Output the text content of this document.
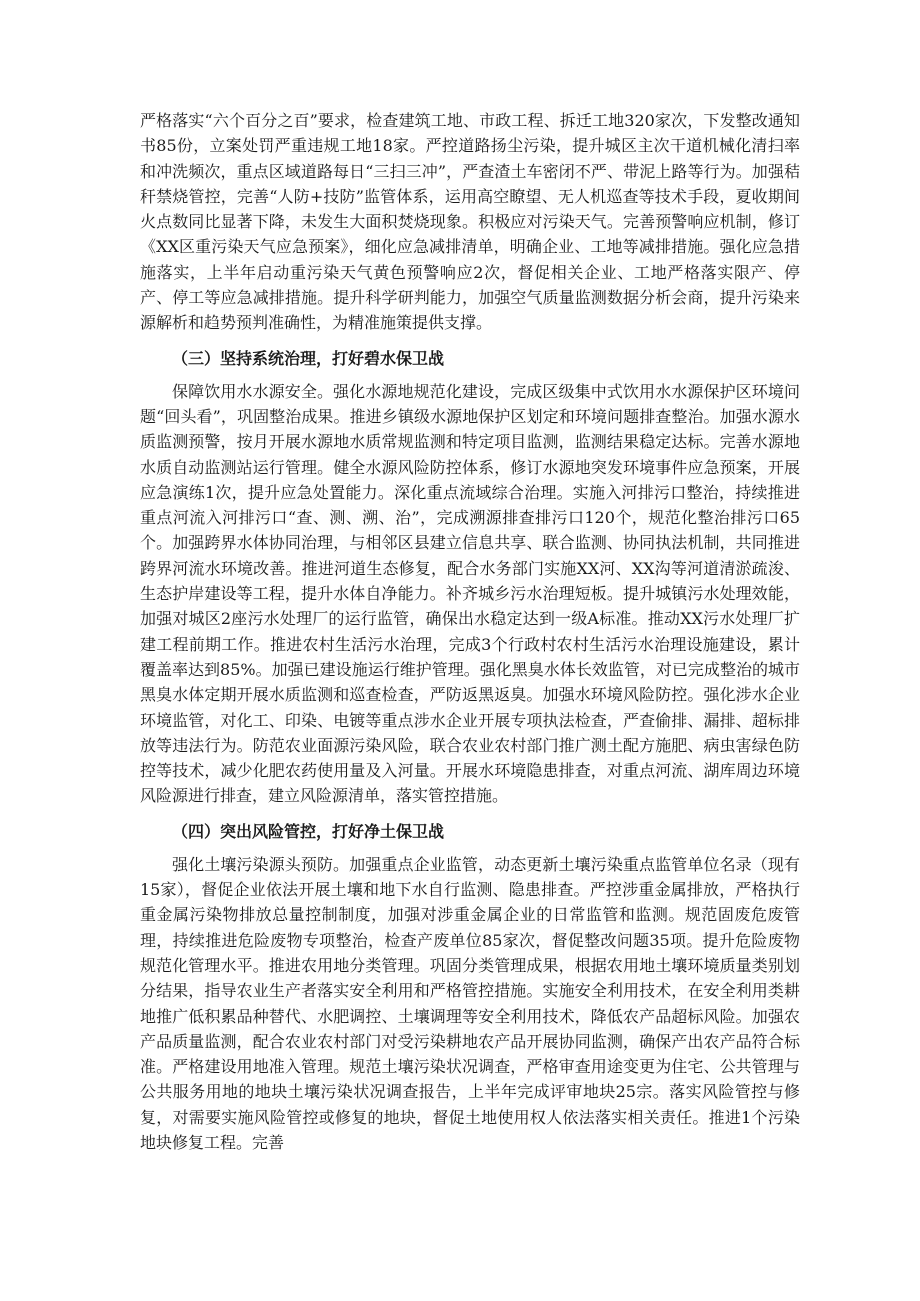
严格落实“六个百分之百”要求，检查建筑工地、市政工程、拆迁工地320家次，下发整改通知书85份，立案处罚严重违规工地18家。严控道路扬尘污染，提升城区主次干道机械化清扫率和冲洗频次，重点区域道路每日“三扫三冲”，严查渣土车密闭不严、带泥上路等行为。加强秸秆禁烧管控，完善“人防+技防”监管体系，运用高空瞭望、无人机巡查等技术手段，夏收期间火点数同比显著下降，未发生大面积焚烧现象。积极应对污染天气。完善预警响应机制，修订《XX区重污染天气应急预案》，细化应急减排清单，明确企业、工地等减排措施。强化应急措施落实，上半年启动重污染天气黄色预警响应2次，督促相关企业、工地严格落实限产、停产、停工等应急减排措施。提升科学研判能力，加强空气质量监测数据分析会商，提升污染来源解析和趋势预判准确性，为精准施策提供支撑。

（三）坚持系统治理，打好碧水保卫战

保障饮用水水源安全。强化水源地规范化建设，完成区级集中式饮用水水源保护区环境问题“回头看”，巩固整治成果。推进乡镇级水源地保护区划定和环境问题排查整治。加强水源水质监测预警，按月开展水源地水质常规监测和特定项目监测，监测结果稳定达标。完善水源地水质自动监测站运行管理。健全水源风险防控体系，修订水源地突发环境事件应急预案，开展应急演练1次，提升应急处置能力。深化重点流域综合治理。实施入河排污口整治，持续推进重点河流入河排污口“查、测、溯、治”，完成溯源排查排污口120个，规范化整治排污口65个。加强跨界水体协同治理，与相邻区县建立信息共享、联合监测、协同执法机制，共同推进跨界河流水环境改善。推进河道生态修复，配合水务部门实施XX河、XX沟等河道清淤疏浚、生态护岸建设等工程，提升水体自净能力。补齐城乡污水治理短板。提升城镇污水处理效能，加强对城区2座污水处理厂的运行监管，确保出水稳定达到一级A标准。推动XX污水处理厂扩建工程前期工作。推进农村生活污水治理，完成3个行政村农村生活污水治理设施建设，累计覆盖率达到85%。加强已建设施运行维护管理。强化黑臭水体长效监管，对已完成整治的城市黑臭水体定期开展水质监测和巡查检查，严防返黑返臭。加强水环境风险防控。强化涉水企业环境监管，对化工、印染、电镀等重点涉水企业开展专项执法检查，严查偷排、漏排、超标排放等违法行为。防范农业面源污染风险，联合农业农村部门推广测土配方施肥、病虫害绿色防控等技术，减少化肥农药使用量及入河量。开展水环境隐患排查，对重点河流、湖库周边环境风险源进行排查，建立风险源清单，落实管控措施。

（四）突出风险管控，打好净土保卫战

强化土壤污染源头预防。加强重点企业监管，动态更新土壤污染重点监管单位名录（现有15家），督促企业依法开展土壤和地下水自行监测、隐患排查。严控涉重金属排放，严格执行重金属污染物排放总量控制制度，加强对涉重金属企业的日常监管和监测。规范固废危废管理，持续推进危险废物专项整治，检查产废单位85家次，督促整改问题35项。提升危险废物规范化管理水平。推进农用地分类管理。巩固分类管理成果，根据农用地土壤环境质量类别划分结果，指导农业生产者落实安全利用和严格管控措施。实施安全利用技术，在安全利用类耕地推广低积累品种替代、水肥调控、土壤调理等安全利用技术，降低农产品超标风险。加强农产品质量监测，配合农业农村部门对受污染耕地农产品开展协同监测，确保产出农产品符合标准。严格建设用地准入管理。规范土壤污染状况调查，严格审查用途变更为住宅、公共管理与公共服务用地的地块土壤污染状况调查报告，上半年完成评审地块25宗。落实风险管控与修复，对需要实施风险管控或修复的地块，督促土地使用权人依法落实相关责任。推进1个污染地块修复工程。完善
